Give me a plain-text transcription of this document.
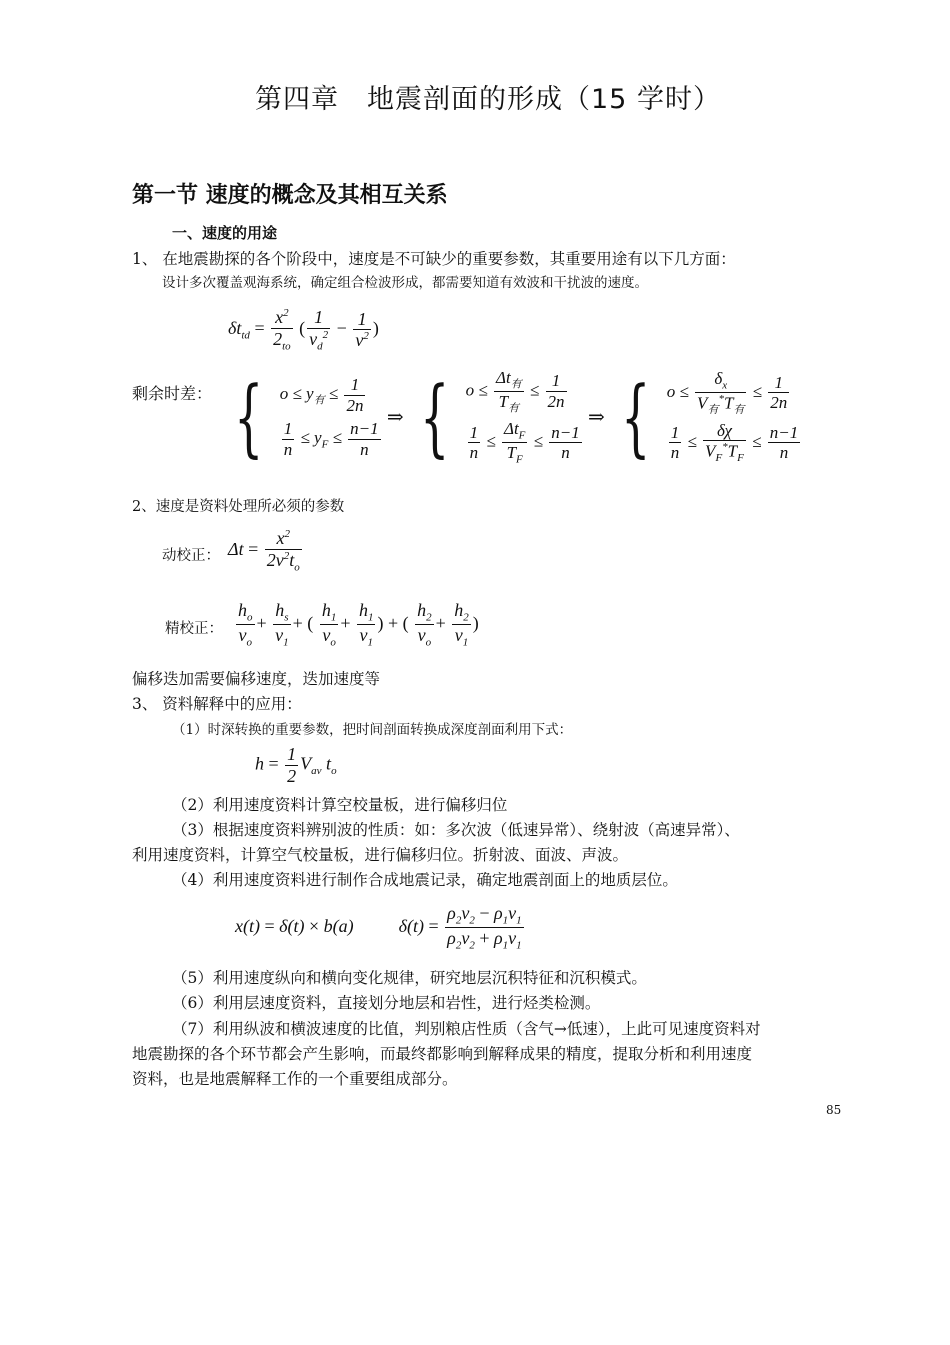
第四章　地震剖面的形成（15 学时）
第一节 速度的概念及其相互关系
一、速度的用途
1、 在地震勘探的各个阶段中，速度是不可缺少的重要参数，其重要用途有以下几方面：
设计多次覆盖观海系统，确定组合检波形成，都需要知道有效波和干扰波的速度。
$\delta t_{td} = \frac{x^2}{2_{to}}$ ( $\frac{1}{v_d^2} - \frac{1}{v^2}$ )
剩余时差： { $o \le y_有 \le \frac{1}{2n}$
$\frac{1}{n} \le y_F \le \frac{n-1}{n}$
⇒ { $o \le \frac{\Delta t_有}{T_有} \le \frac{1}{2n}$
$\frac{1}{n} \le \frac{\Delta t_F}{T_F} \le \frac{n-1}{n}$
⇒ { $o \le \frac{\delta_x}{V_有^*T_有} \le \frac{1}{2n}$
$\frac{1}{n} \le \frac{\delta\chi}{V_F^*T_F} \le \frac{n-1}{n}$
2、速度是资料处理所必须的参数
动校正： $\Delta t = \frac{x^2}{2v^2t_o}$
精校正： $\frac{h_o}{v_o} + \frac{h_s}{v_1}$ + ( $\frac{h_1}{v_o} + \frac{h_1}{v_1}$ ) + ( $\frac{h_2}{v_o} + \frac{h_2}{v_1}$ )
偏移迭加需要偏移速度，迭加速度等
3、 资料解释中的应用：
（1）时深转换的重要参数，把时间剖面转换成深度剖面利用下式：
$h = \frac{1}{2} V_{av}$ $t_o$
（2）利用速度资料计算空校量板，进行偏移归位
（3）根据速度资料辨别波的性质：如：多次波（低速异常）、绕射波（高速异常）、
利用速度资料，计算空气校量板，进行偏移归位。折射波、面波、声波。
（4）利用速度资料进行制作合成地震记录，确定地震剖面上的地质层位。
x(t) = δ(t) × b(a)  $\delta(t) = \frac{\rho_2v_2 - \rho_1v_1}{\rho_2v_2 + \rho_1v_1}$
（5）利用速度纵向和横向变化规律，研究地层沉积特征和沉积模式。
（6）利用层速度资料，直接划分地层和岩性，进行烃类检测。
（7）利用纵波和横波速度的比值，判别粮店性质（含气→低速），上此可见速度资料对
地震勘探的各个环节都会产生影响，而最终都影响到解释成果的精度，提取分析和利用速度
资料，也是地震解释工作的一个重要组成部分。
85
